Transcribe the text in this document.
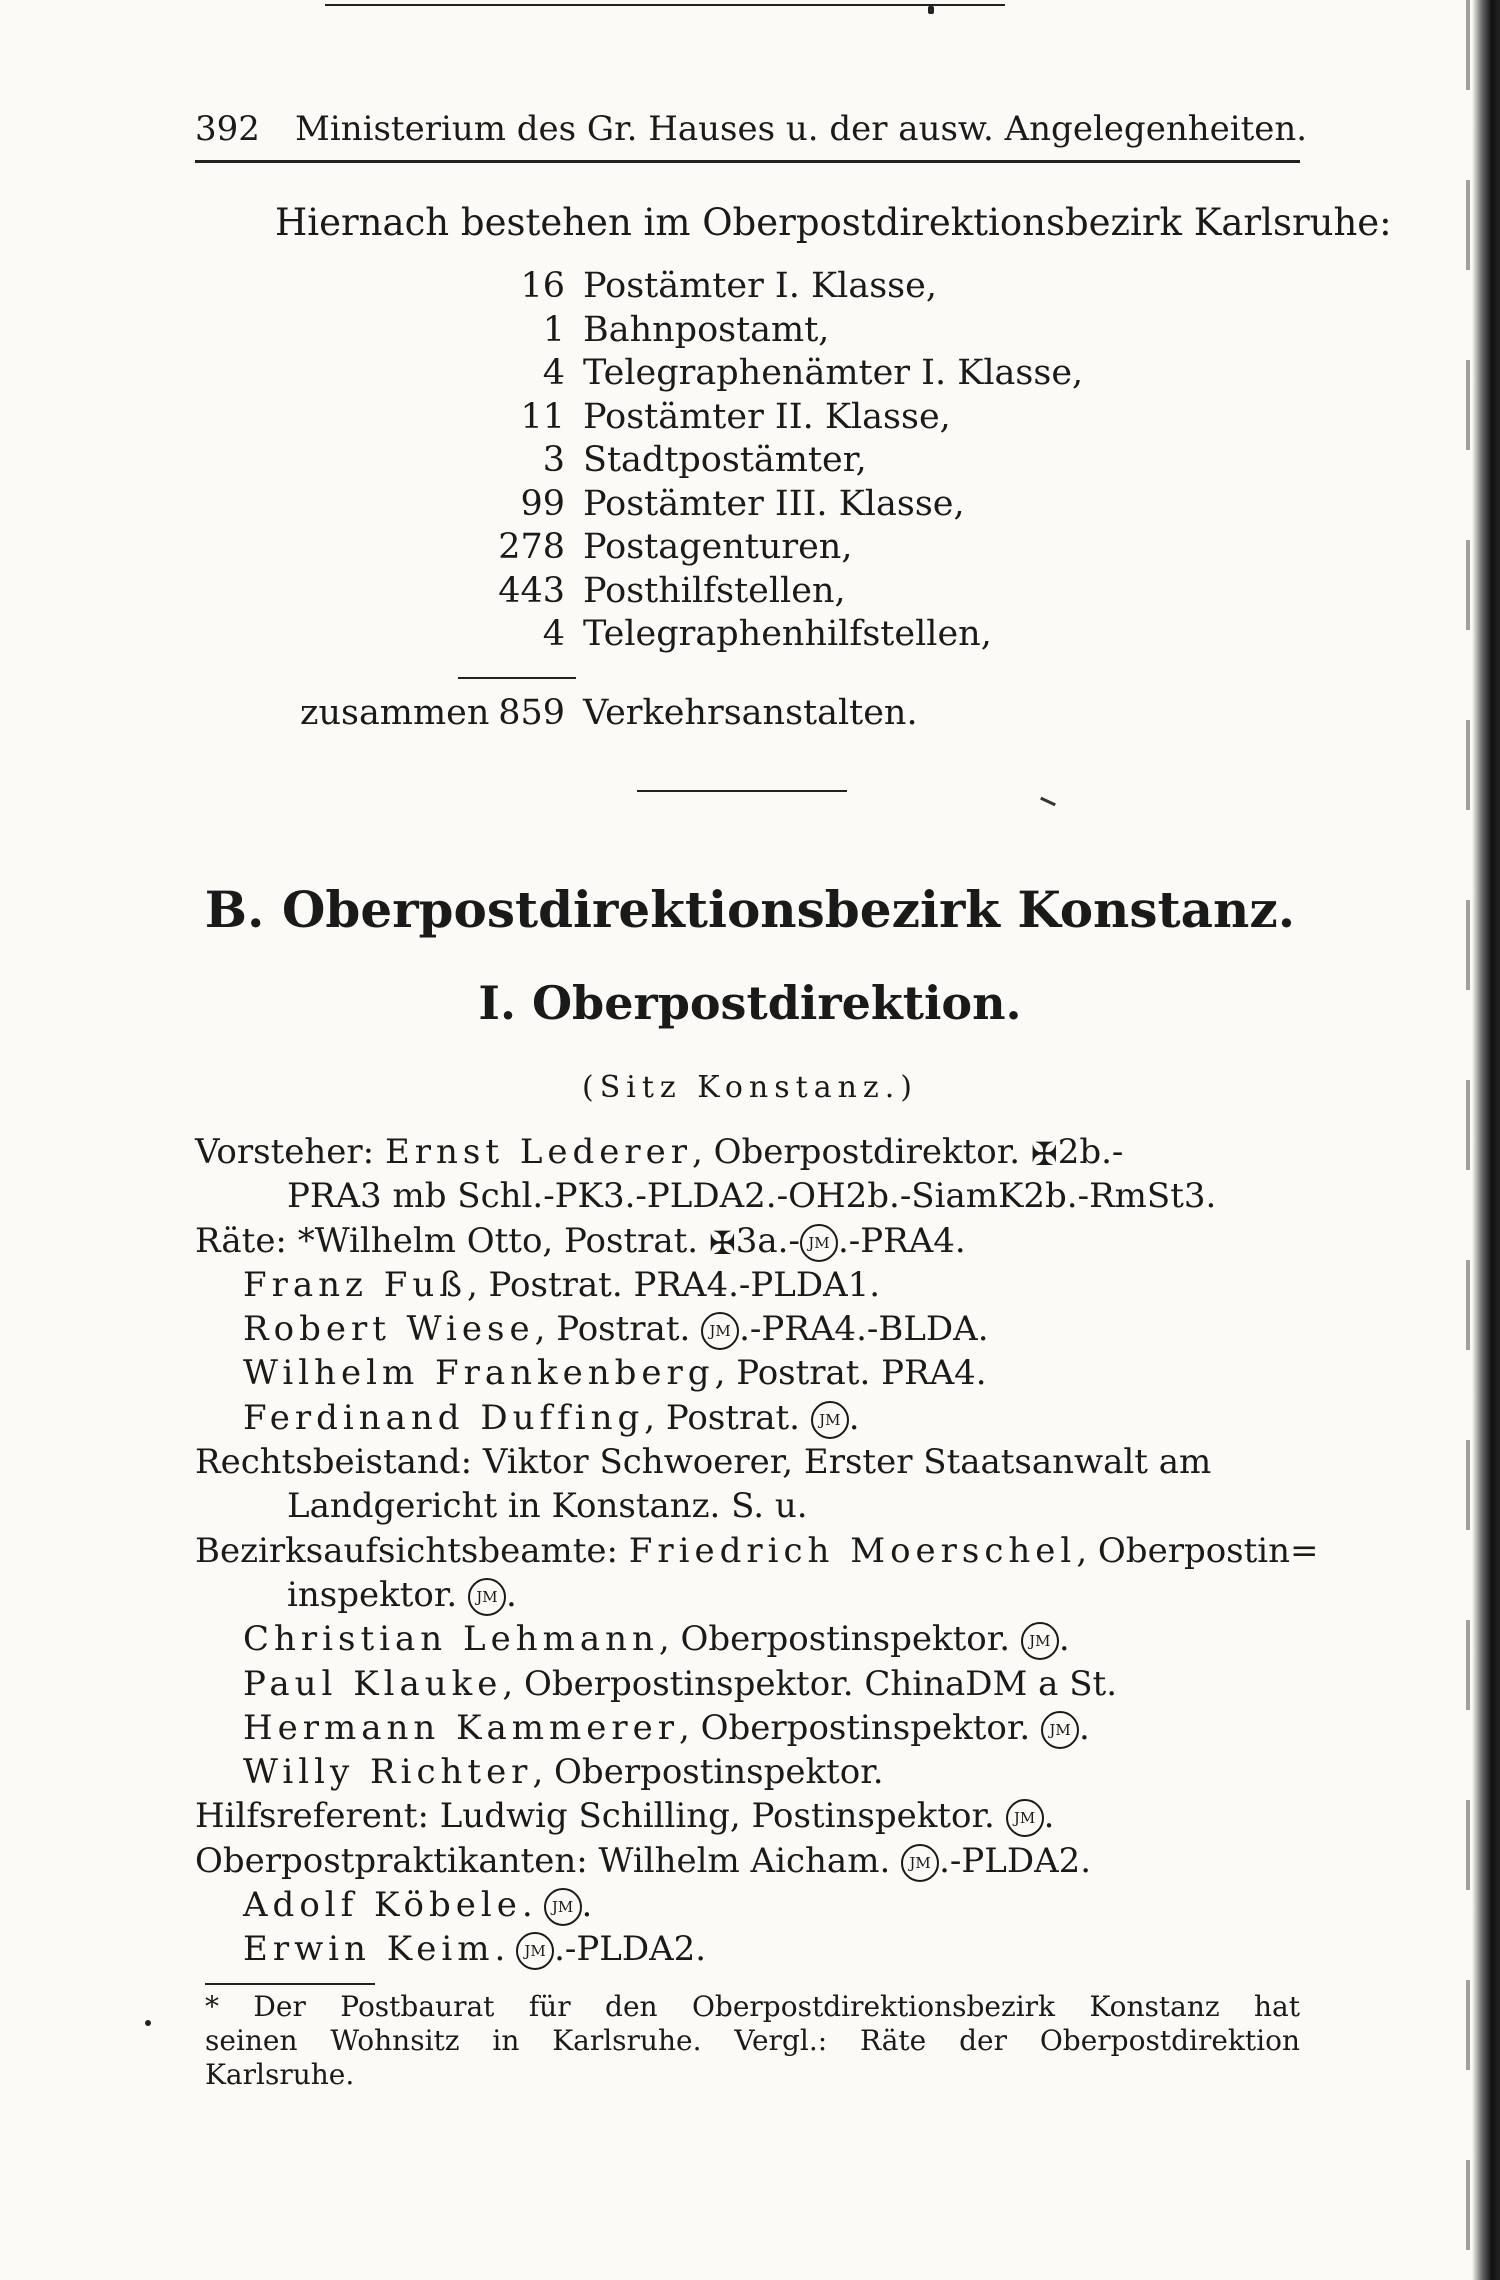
392 Ministerium des Gr. Hauses u. der ausw. Angelegenheiten.
Hiernach bestehen im Oberpostdirektionsbezirk Karlsruhe:
16 Postämter I. Klasse,
1 Bahnpostamt,
4 Telegraphenämter I. Klasse,
11 Postämter II. Klasse,
3 Stadtpostämter,
99 Postämter III. Klasse,
278 Postagenturen,
443 Posthilfstellen,
4 Telegraphenhilfstellen,
zusammen 859 Verkehrsanstalten.
B. Oberpostdirektionsbezirk Konstanz.
I. Oberpostdirektion.
(Sitz Konstanz.)
Vorsteher: Ernst Lederer, Oberpostdirektor. ✠2b.-
PRA3 mb Schl.-PK3.-PLDA2.-OH2b.-SiamK2b.-RmSt3.
Räte: *Wilhelm Otto, Postrat. ✠3a.- JM .-PRA4.
Franz Fuß, Postrat. PRA4.-PLDA1.
Robert Wiese, Postrat. JM .-PRA4.-BLDA.
Wilhelm Frankenberg, Postrat. PRA4.
Ferdinand Duffing, Postrat. JM .
Rechtsbeistand: Viktor Schwoerer, Erster Staatsanwalt am
Landgericht in Konstanz. S. u.
Bezirksaufsichtsbeamte: Friedrich Moerschel, Oberpostin=
inspektor. JM .
Christian Lehmann, Oberpostinspektor. JM .
Paul Klauke, Oberpostinspektor. ChinaDM a St.
Hermann Kammerer, Oberpostinspektor. JM .
Willy Richter, Oberpostinspektor.
Hilfsreferent: Ludwig Schilling, Postinspektor. JM .
Oberpostpraktikanten: Wilhelm Aicham. JM .-PLDA2.
Adolf Köbele. JM .
Erwin Keim. JM .-PLDA2.
* Der Postbaurat für den Oberpostdirektionsbezirk Konstanz hat
seinen Wohnsitz in Karlsruhe. Vergl.: Räte der Oberpostdirektion
Karlsruhe.
